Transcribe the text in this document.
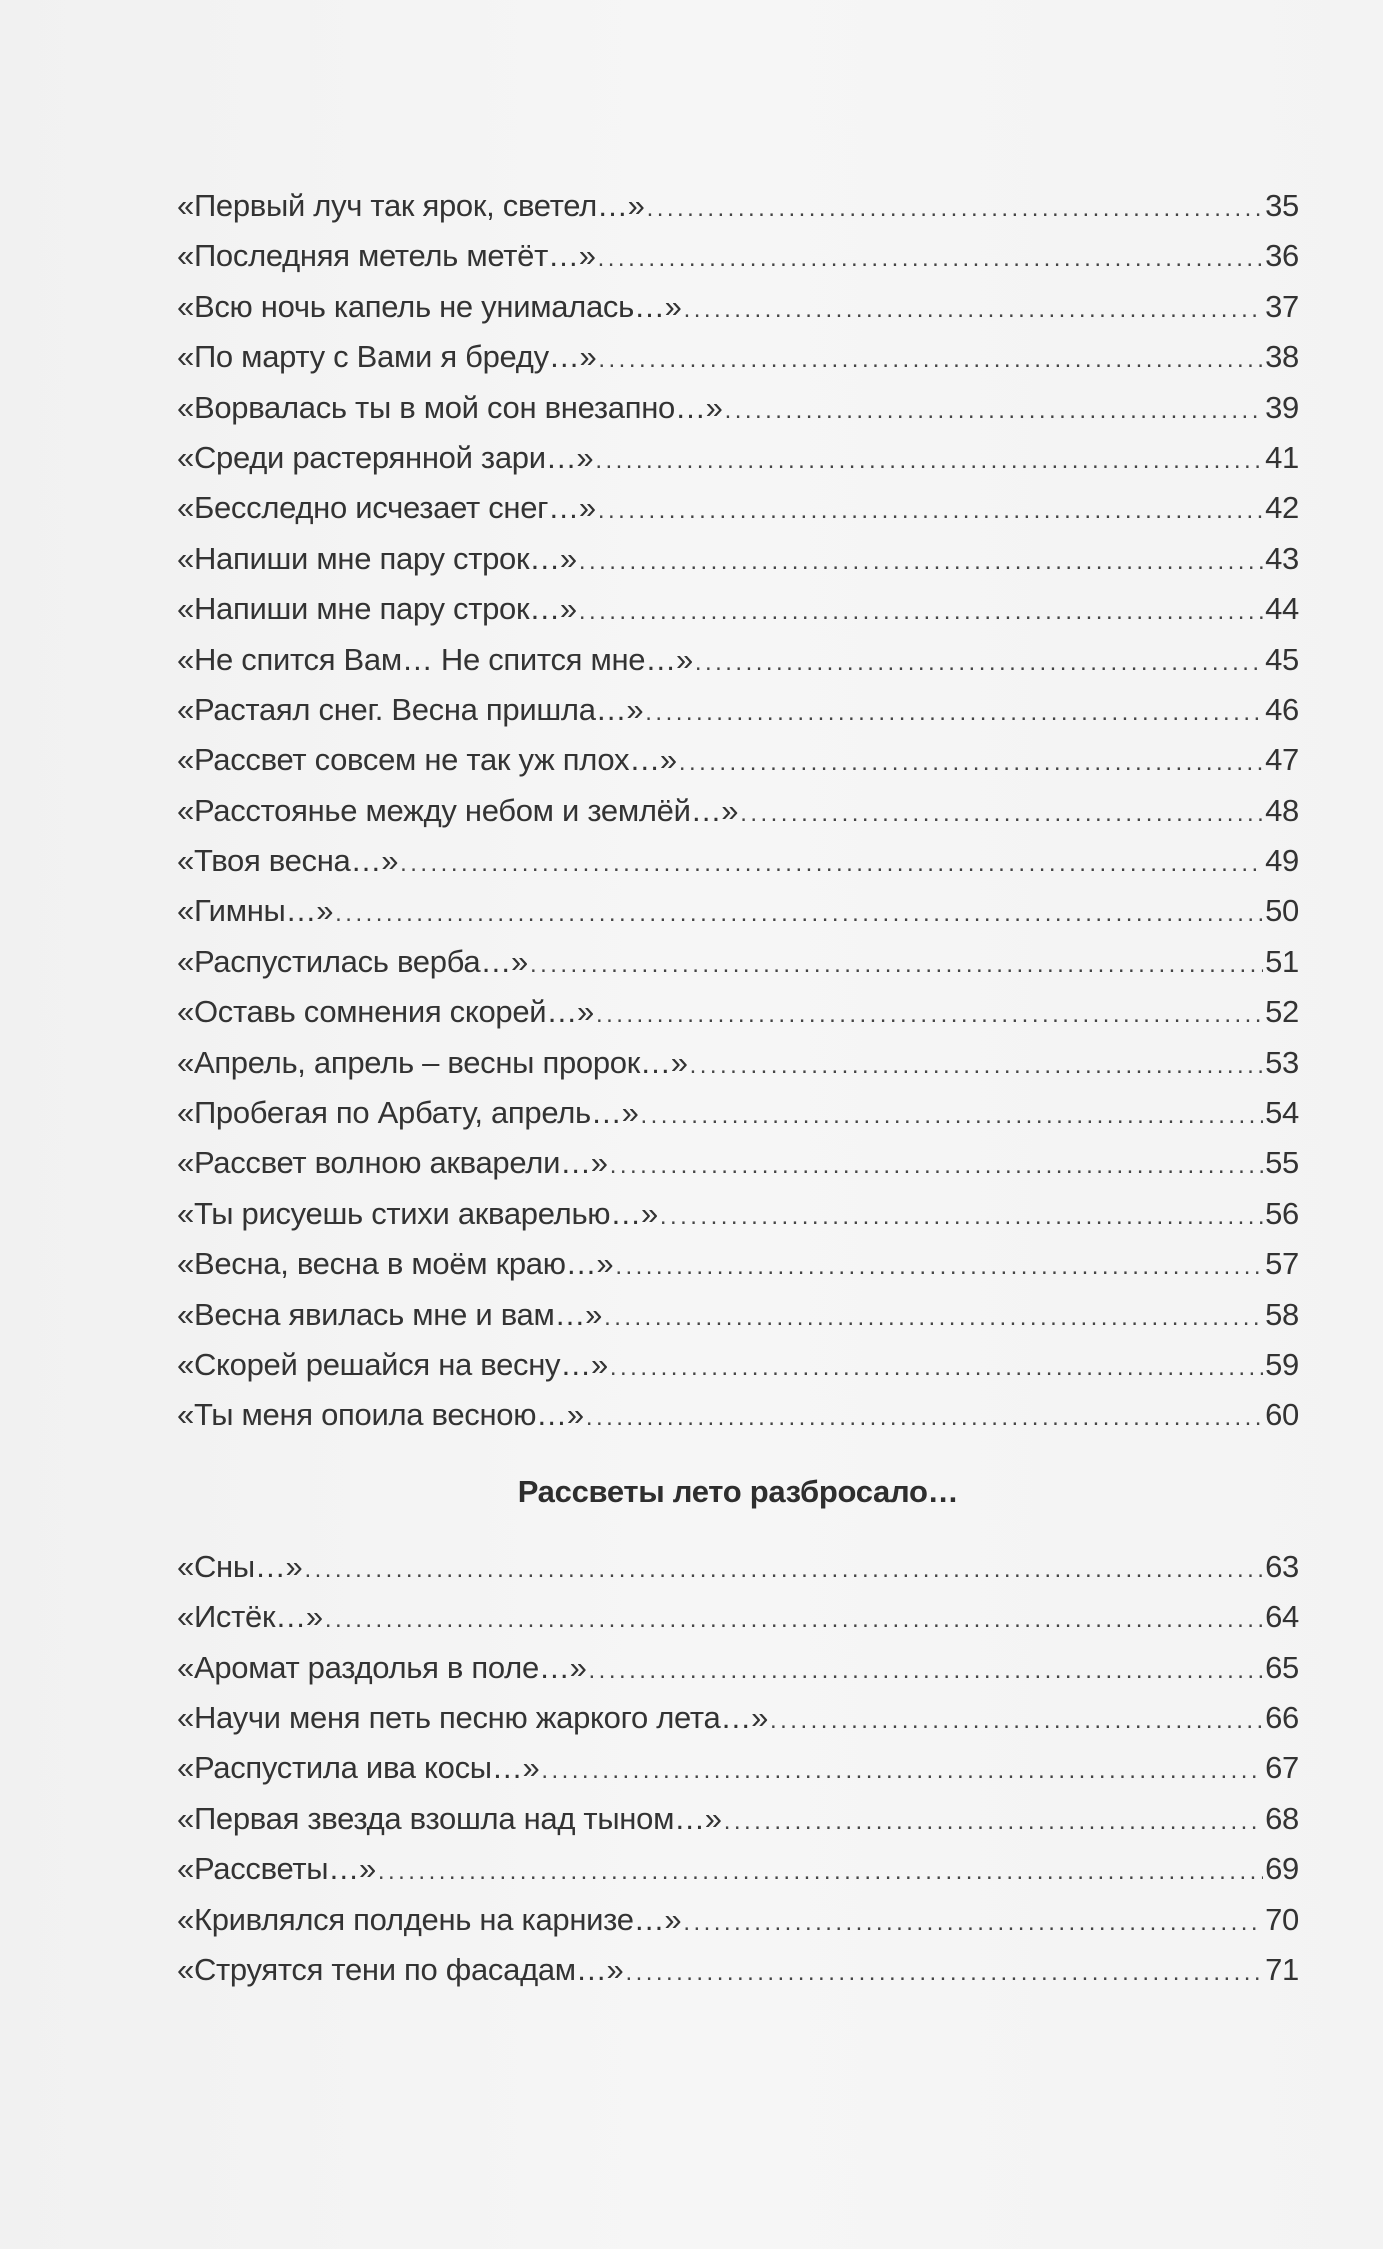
«Первый луч так ярок, светел…» . . .	35
«Последняя метель метёт…» . . .	36
«Всю ночь капель не унималась…» . . .	37
«По марту с Вами я бреду…» . . .	38
«Ворвалась ты в мой сон внезапно…» . . .	39
«Среди растерянной зари…» . . .	41
«Бесследно исчезает снег…» . . .	42
«Напиши мне пару строк…» . . .	43
«Напиши мне пару строк…» . . .	44
«Не спится Вам… Не спится мне…» . . .	45
«Растаял снег. Весна пришла…» . . .	46
«Рассвет совсем не так уж плох…» . . .	47
«Расстоянье между небом и землёй…» . . .	48
«Твоя весна…» . . .	49
«Гимны…» . . .	50
«Распустилась верба…» . . .	51
«Оставь сомнения скорей…» . . .	52
«Апрель, апрель – весны пророк…» . . .	53
«Пробегая по Арбату, апрель…» . . .	54
«Рассвет волною акварели…» . . .	55
«Ты рисуешь стихи акварелью…» . . .	56
«Весна, весна в моём краю…» . . .	57
«Весна явилась мне и вам…» . . .	58
«Скорей решайся на весну…» . . .	59
«Ты меня опоила весною…» . . .	60
Рассветы лето разбросало…
«Сны…» . . .	63
«Истёк…» . . .	64
«Аромат раздолья в поле…» . . .	65
«Научи меня петь песню жаркого лета…» . . .	66
«Распустила ива косы…» . . .	67
«Первая звезда взошла над тыном…» . . .	68
«Рассветы…» . . .	69
«Кривлялся полдень на карнизе…» . . .	70
«Струятся тени по фасадам…» . . .	71
